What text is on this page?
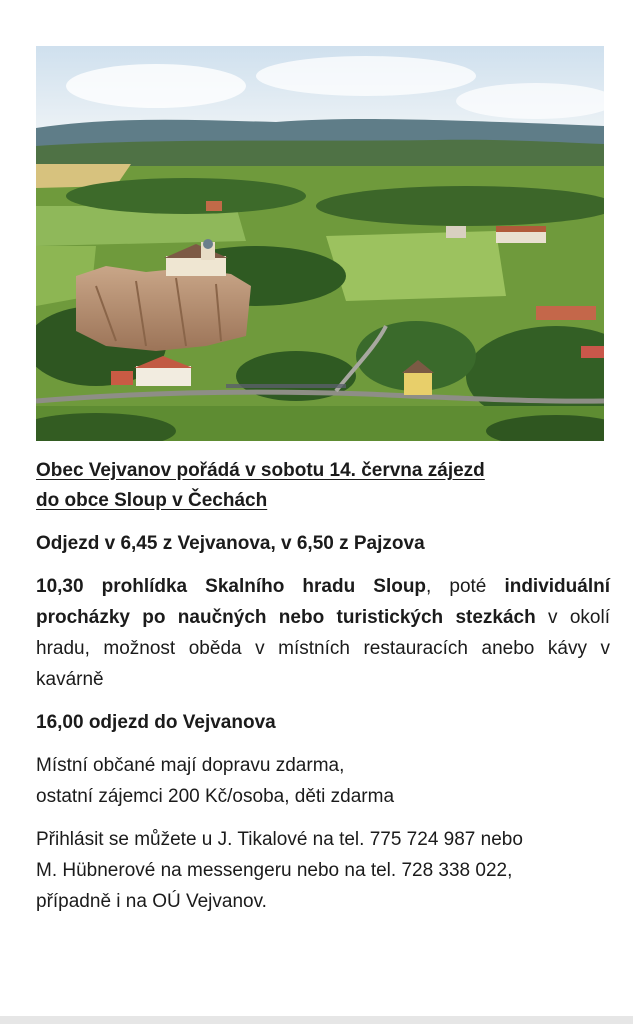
Obec Vejvanov pořádá v sobotu 14. června zájezd
do obce Sloup v Čechách

Odjezd v 6,45 z Vejvanova, v 6,50 z Pajzova

10,30 prohlídka Skalního hradu Sloup, poté individuální procházky po naučných nebo turistických stezkách v okolí hradu, možnost oběda v místních restauracích anebo kávy v kavárně

16,00 odjezd do Vejvanova

Místní občané mají dopravu zdarma,
ostatní zájemci 200 Kč/osoba, děti zdarma

Přihlásit se můžete u J. Tikalové na tel. 775 724 987 nebo
M. Hübnerové na messengeru nebo na tel. 728 338 022,
případně i na OÚ Vejvanov.
